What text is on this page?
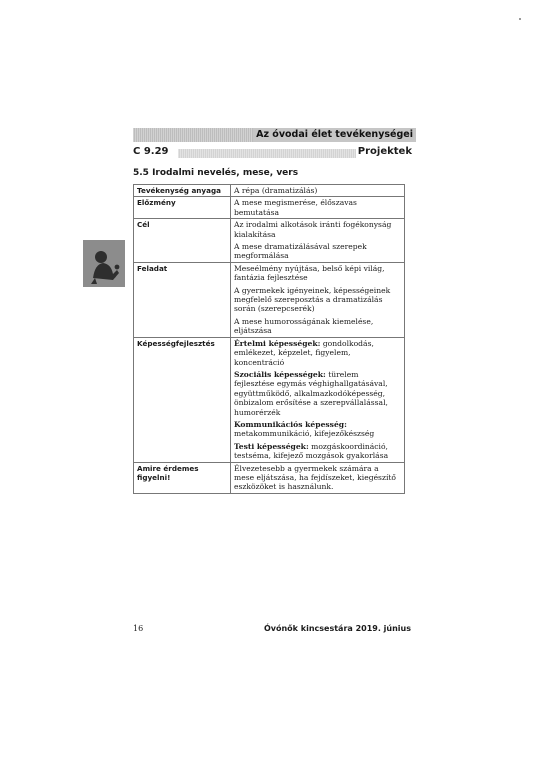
Az óvodai élet tevékenységei
C 9.29	Projektek
5.5 Irodalmi nevelés, mese, vers
Tevékenység anyaga	A répa (dramatizálás)

Előzmény	A mese megismerése, élőszavas bemutatása

Cél	Az irodalmi alkotások iránti fogékonyság kialakítása

A mese dramatizálásával szerepek megformálása

Feladat	Meseélmény nyújtása, belső képi világ, fantázia fejlesztése

A gyermekek igényeinek, képességeinek megfelelő szereposztás a dramatizálás során (szerepcserék)

A mese humorosságának kiemelése, eljátszása

Képességfejlesztés	Értelmi képességek: gondolkodás, emlékezet, képzelet, figyelem, koncentráció

Szociális képességek: türelem fejlesztése egymás véghighallgatásával, együttműködő, alkalmazkodóképesség, önbizalom erősítése a szerepvállalással, humorérzék

Kommunikációs képesség: metakommunikáció, kifejezőkészség

Testi képességek: mozgáskoordináció, testséma, kifejező mozgások gyakorlása

Amire érdemes figyelni!	Élvezetesebb a gyermekek számára a mese eljátszása, ha fejdíszeket, kiegészítő eszközöket is használunk.

16	Óvónők kincsestára 2019. június
